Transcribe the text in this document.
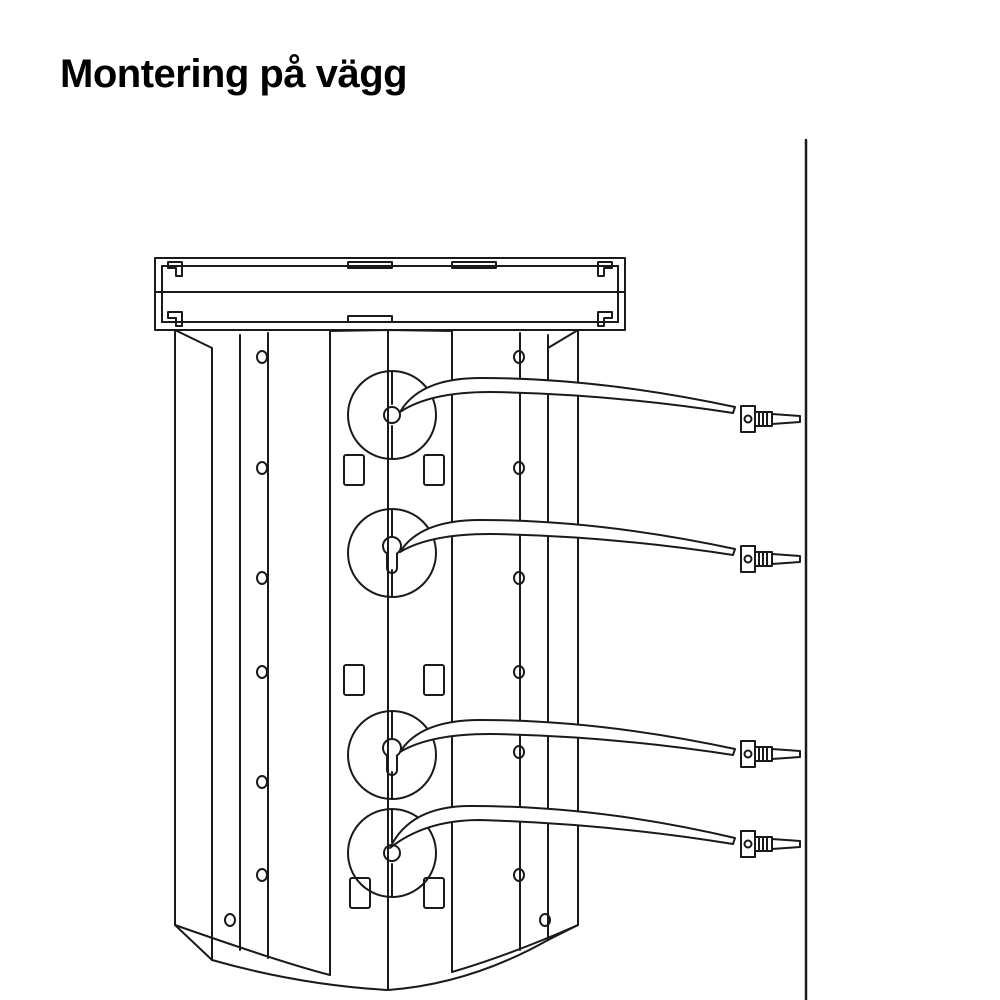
Montering på vägg
